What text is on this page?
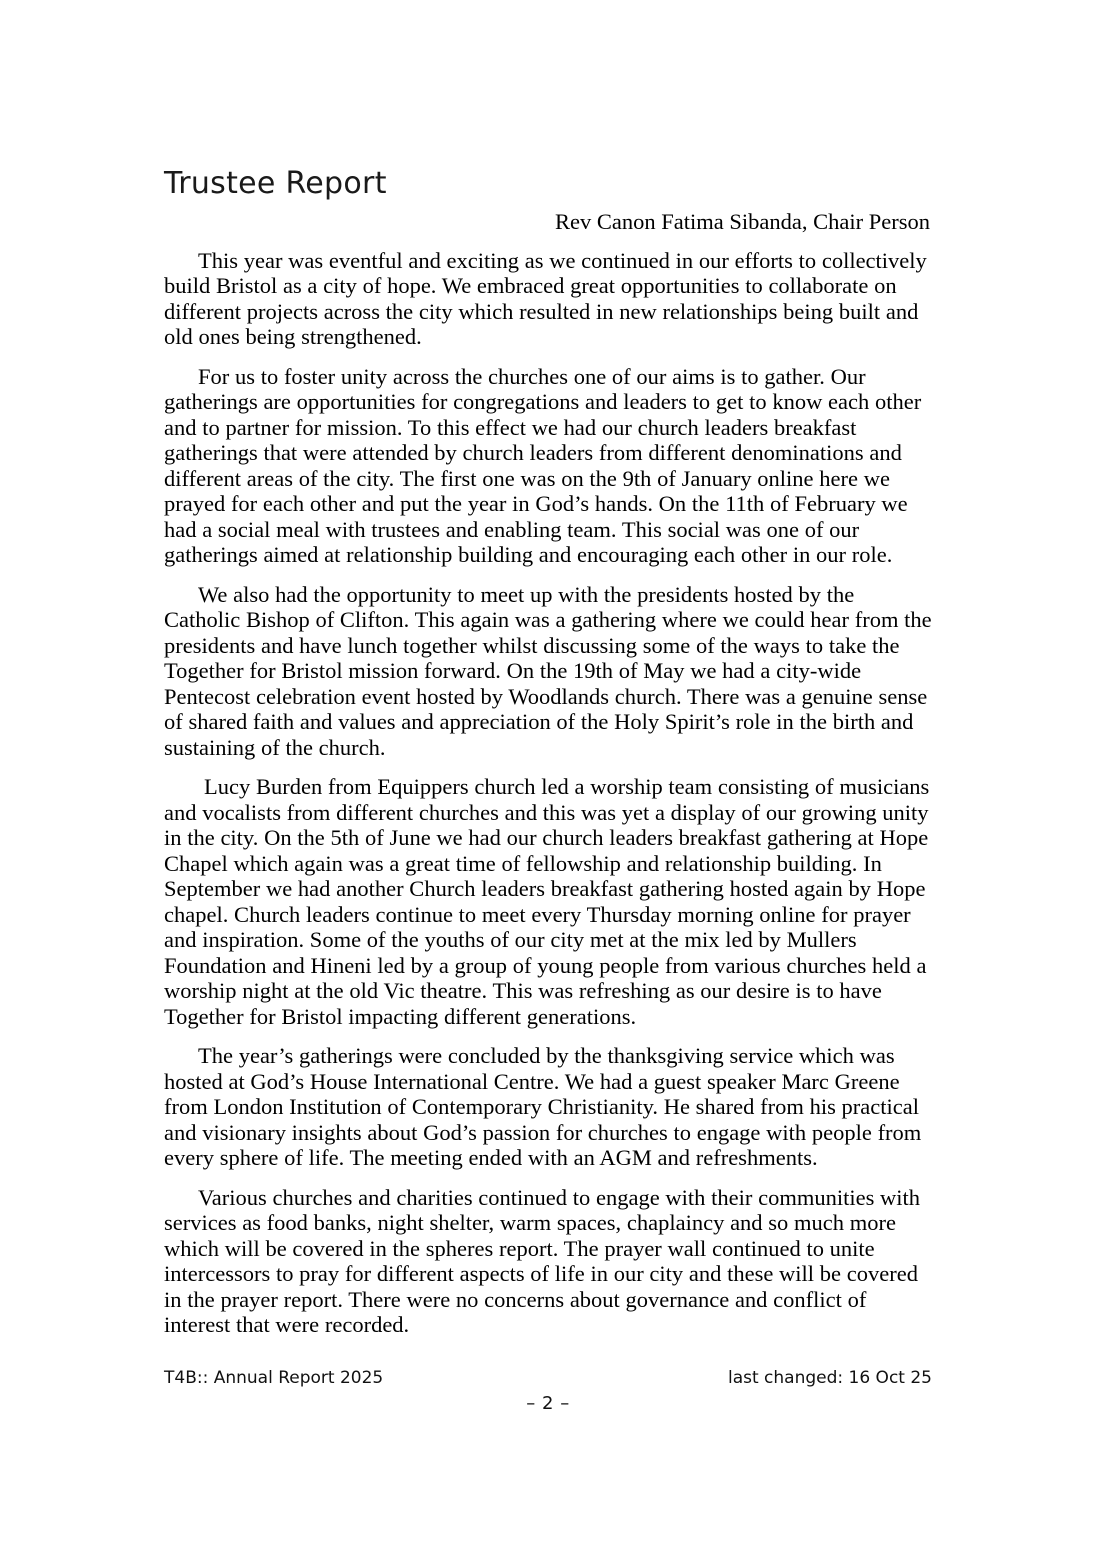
Trustee Report
Rev Canon Fatima Sibanda, Chair Person

This year was eventful and exciting as we continued in our efforts to collectively build Bristol as a city of hope. We embraced great opportunities to collaborate on different projects across the city which resulted in new relationships being built and old ones being strengthened.

For us to foster unity across the churches one of our aims is to gather. Our gatherings are opportunities for congregations and leaders to get to know each other and to partner for mission. To this effect we had our church leaders breakfast gatherings that were attended by church leaders from different denominations and different areas of the city. The first one was on the 9th of January online here we prayed for each other and put the year in God’s hands. On the 11th of February we had a social meal with trustees and enabling team. This social was one of our gatherings aimed at relationship building and encouraging each other in our role.

We also had the opportunity to meet up with the presidents hosted by the Catholic Bishop of Clifton. This again was a gathering where we could hear from the presidents and have lunch together whilst discussing some of the ways to take the Together for Bristol mission forward. On the 19th of May we had a city-wide Pentecost celebration event hosted by Woodlands church. There was a genuine sense of shared faith and values and appreciation of the Holy Spirit’s role in the birth and sustaining of the church.

Lucy Burden from Equippers church led a worship team consisting of musicians and vocalists from different churches and this was yet a display of our growing unity in the city. On the 5th of June we had our church leaders breakfast gathering at Hope Chapel which again was a great time of fellowship and relationship building. In September we had another Church leaders breakfast gathering hosted again by Hope chapel. Church leaders continue to meet every Thursday morning online for prayer and inspiration. Some of the youths of our city met at the mix led by Mullers Foundation and Hineni led by a group of young people from various churches held a worship night at the old Vic theatre. This was refreshing as our desire is to have Together for Bristol impacting different generations.

The year’s gatherings were concluded by the thanksgiving service which was hosted at God’s House International Centre. We had a guest speaker Marc Greene from London Institution of Contemporary Christianity. He shared from his practical and visionary insights about God’s passion for churches to engage with people from every sphere of life. The meeting ended with an AGM and refreshments.

Various churches and charities continued to engage with their communities with services as food banks, night shelter, warm spaces, chaplaincy and so much more which will be covered in the spheres report. The prayer wall continued to unite intercessors to pray for different aspects of life in our city and these will be covered in the prayer report. There were no concerns about governance and conflict of interest that were recorded.

T4B:: Annual Report 2025	last changed: 16 Oct 25
– 2 –
